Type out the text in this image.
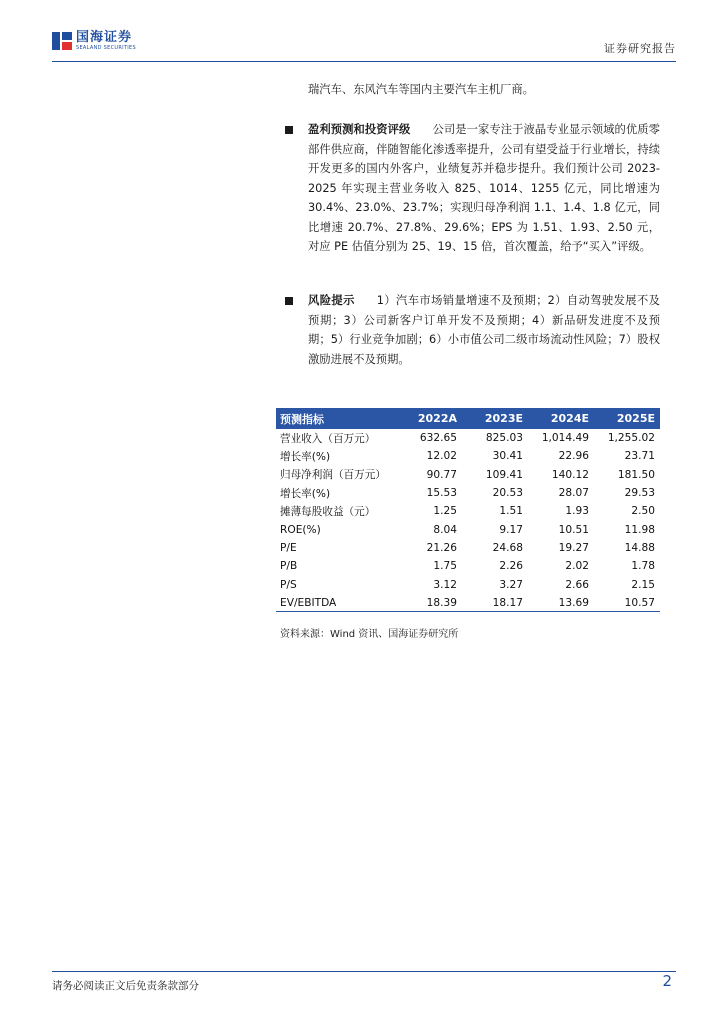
国海证券
SEALAND SECURITIES	证券研究报告

瑞汽车、东风汽车等国内主要汽车主机厂商。

盈利预测和投资评级 公司是一家专注于液晶专业显示领域的优质零部件供应商，伴随智能化渗透率提升，公司有望受益于行业增长，持续开发更多的国内外客户，业绩复苏并稳步提升。我们预计公司 2023-2025 年实现主营业务收入 825、1014、1255 亿元，同比增速为 30.4%、23.0%、23.7%；实现归母净利润 1.1、1.4、1.8 亿元，同比增速 20.7%、27.8%、29.6%；EPS 为 1.51、1.93、2.50 元，对应 PE 估值分别为 25、19、15 倍，首次覆盖，给予“买入”评级。

风险提示 1）汽车市场销量增速不及预期；2）自动驾驶发展不及预期；3）公司新客户订单开发不及预期；4）新品研发进度不及预期；5）行业竞争加剧；6）小市值公司二级市场流动性风险；7）股权激励进展不及预期。

预测指标	2022A	2023E	2024E	2025E
营业收入（百万元）	632.65	825.03	1,014.49	1,255.02
增长率(%)	12.02	30.41	22.96	23.71
归母净利润（百万元）	90.77	109.41	140.12	181.50
增长率(%)	15.53	20.53	28.07	29.53
摊薄每股收益（元）	1.25	1.51	1.93	2.50
ROE(%)	8.04	9.17	10.51	11.98
P/E	21.26	24.68	19.27	14.88
P/B	1.75	2.26	2.02	1.78
P/S	3.12	3.27	2.66	2.15
EV/EBITDA	18.39	18.17	13.69	10.57

资料来源：Wind 资讯、国海证券研究所

请务必阅读正文后免责条款部分	2
